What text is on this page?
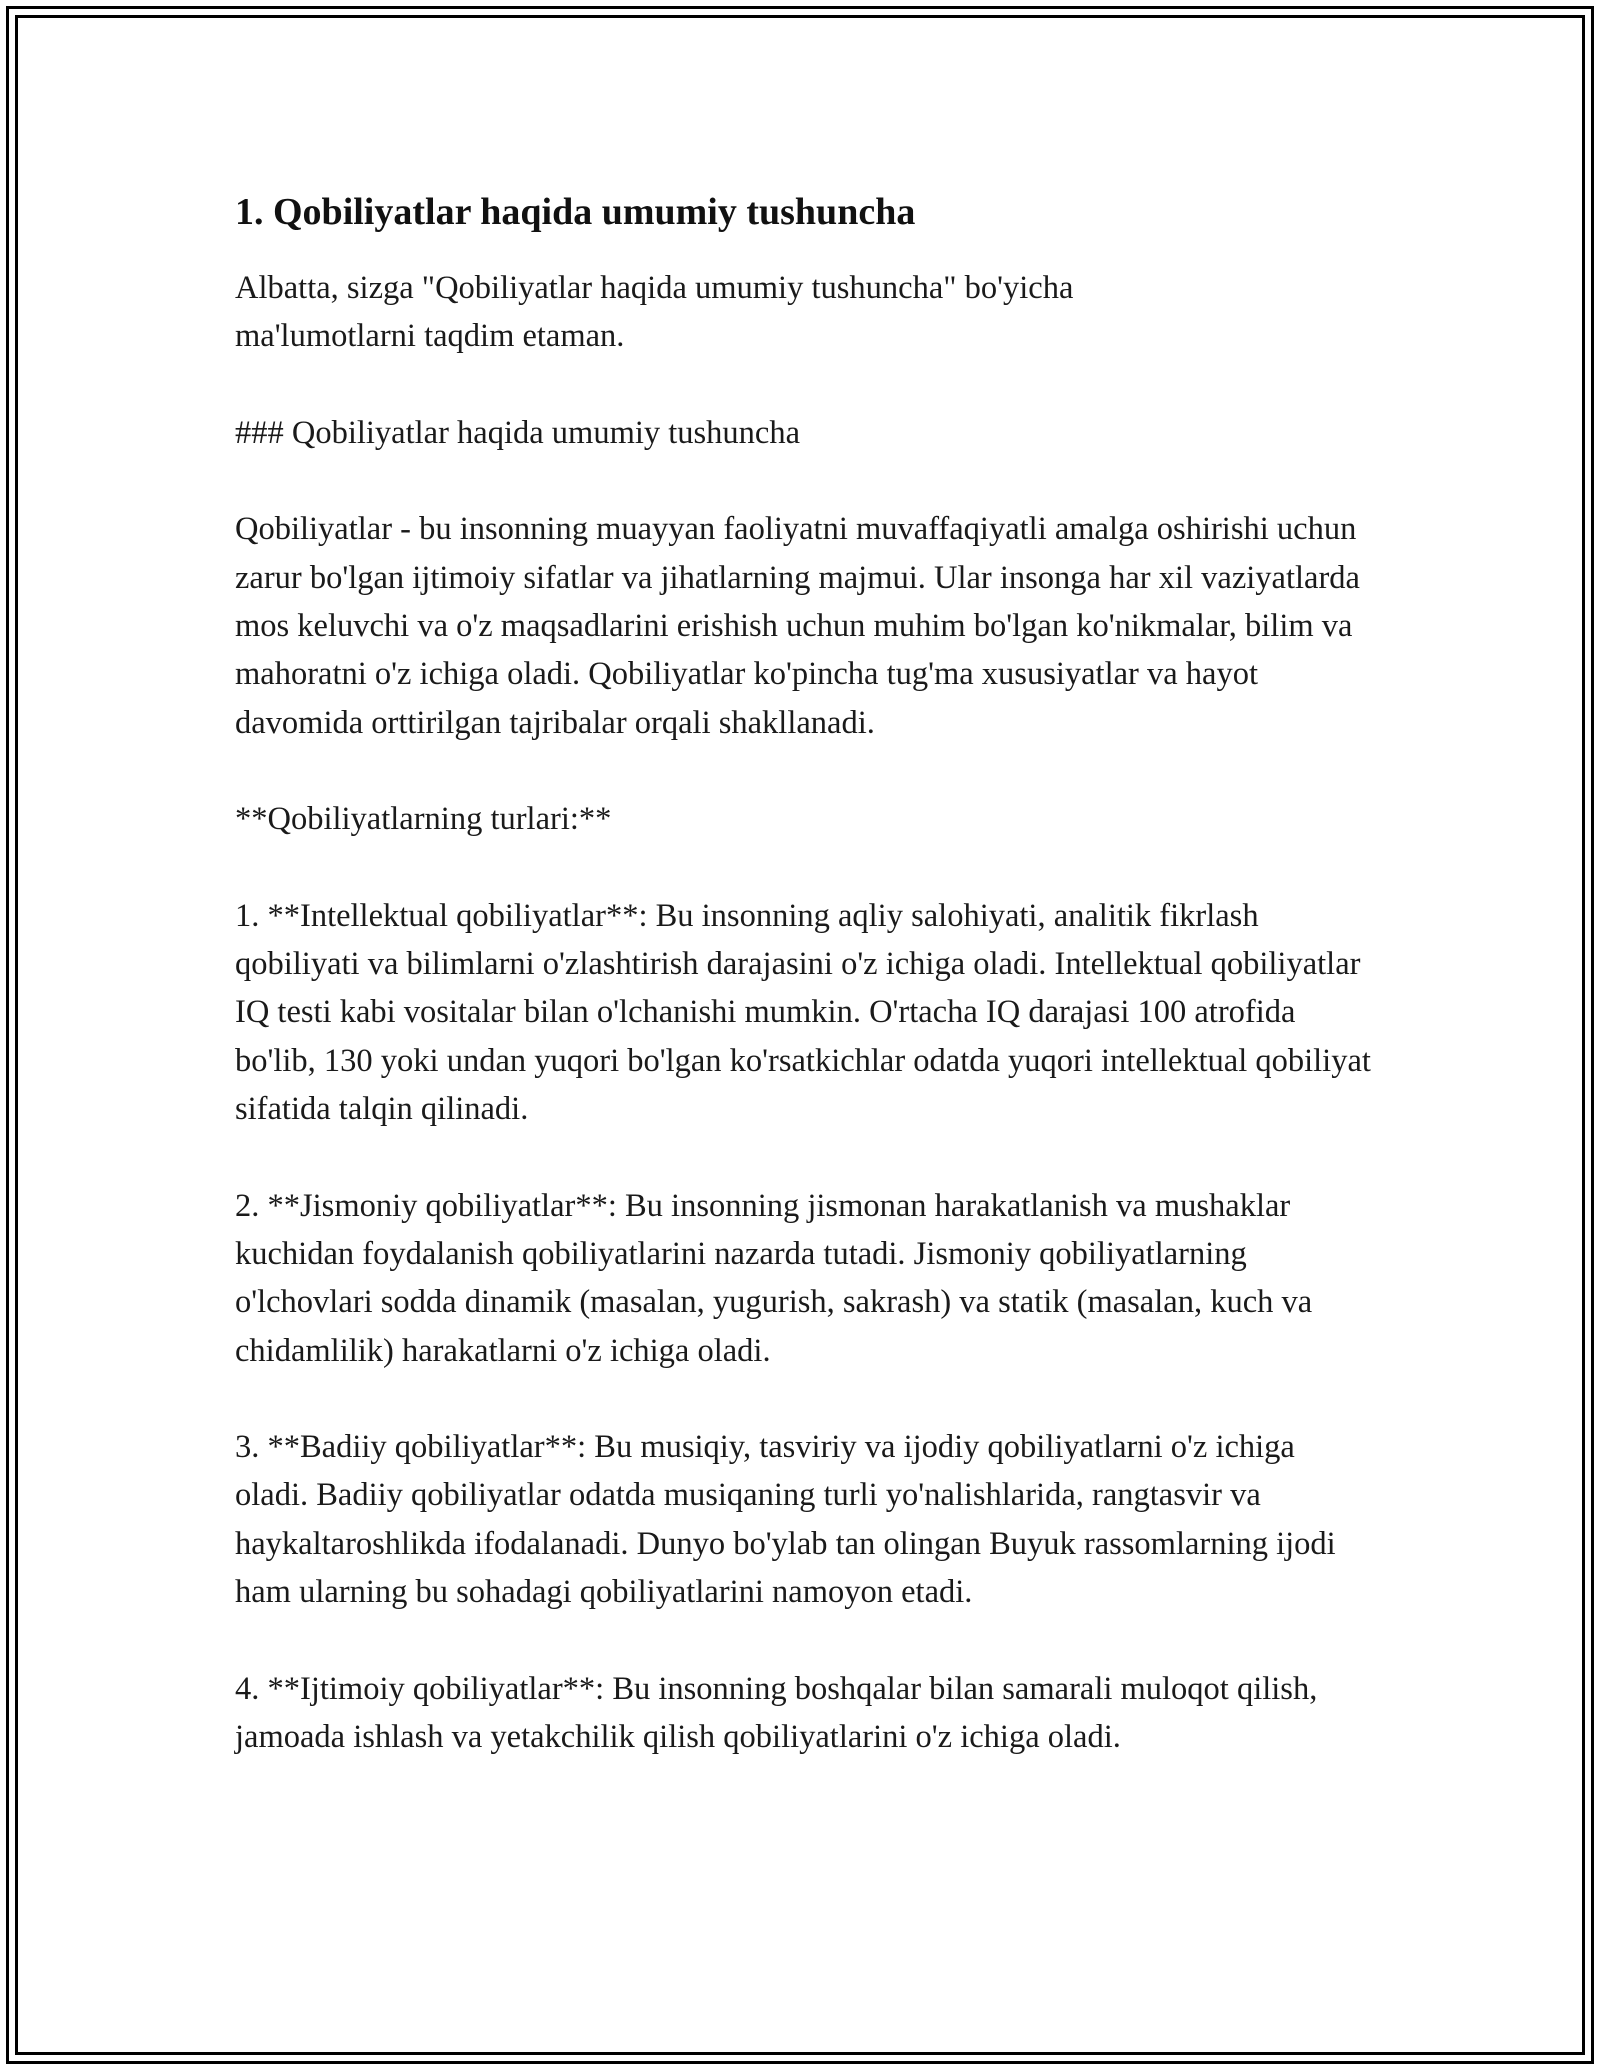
1. Qobiliyatlar haqida umumiy tushuncha

Albatta, sizga "Qobiliyatlar haqida umumiy tushuncha" bo'yicha ma'lumotlarni taqdim etaman.

### Qobiliyatlar haqida umumiy tushuncha

Qobiliyatlar - bu insonning muayyan faoliyatni muvaffaqiyatli amalga oshirishi uchun zarur bo'lgan ijtimoiy sifatlar va jihatlarning majmui. Ular insonga har xil vaziyatlarda mos keluvchi va o'z maqsadlarini erishish uchun muhim bo'lgan ko'nikmalar, bilim va mahoratni o'z ichiga oladi. Qobiliyatlar ko'pincha tug'ma xususiyatlar va hayot davomida orttirilgan tajribalar orqali shakllanadi.

**Qobiliyatlarning turlari:**

1. **Intellektual qobiliyatlar**: Bu insonning aqliy salohiyati, analitik fikrlash qobiliyati va bilimlarni o'zlashtirish darajasini o'z ichiga oladi. Intellektual qobiliyatlar IQ testi kabi vositalar bilan o'lchanishi mumkin. O'rtacha IQ darajasi 100 atrofida bo'lib, 130 yoki undan yuqori bo'lgan ko'rsatkichlar odatda yuqori intellektual qobiliyat sifatida talqin qilinadi.

2. **Jismoniy qobiliyatlar**: Bu insonning jismonan harakatlanish va mushaklar kuchidan foydalanish qobiliyatlarini nazarda tutadi. Jismoniy qobiliyatlarning o'lchovlari sodda dinamik (masalan, yugurish, sakrash) va statik (masalan, kuch va chidamlilik) harakatlarni o'z ichiga oladi.

3. **Badiiy qobiliyatlar**: Bu musiqiy, tasviriy va ijodiy qobiliyatlarni o'z ichiga oladi. Badiiy qobiliyatlar odatda musiqaning turli yo'nalishlarida, rangtasvir va haykaltaroshlikda ifodalanadi. Dunyo bo'ylab tan olingan Buyuk rassomlarning ijodi ham ularning bu sohadagi qobiliyatlarini namoyon etadi.

4. **Ijtimoiy qobiliyatlar**: Bu insonning boshqalar bilan samarali muloqot qilish, jamoada ishlash va yetakchilik qilish qobiliyatlarini o'z ichiga oladi.
